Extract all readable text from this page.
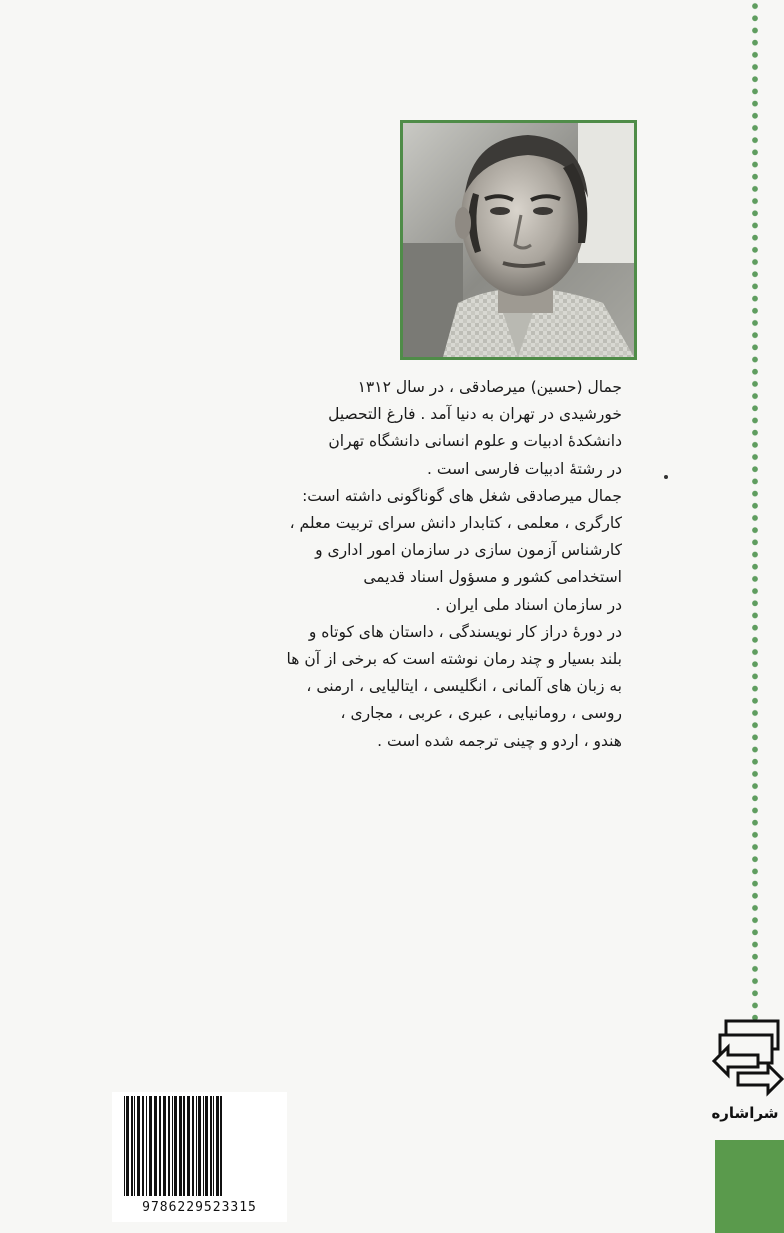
جمال (حسین) میرصادقی ، در سال ۱۳۱۲
خورشیدی در تهران به دنیا آمد . فارغ التحصیل
دانشکدهٔ ادبیات و علوم انسانی دانشگاه تهران
در رشتهٔ ادبیات فارسی است .
جمال میرصادقی شغل های گوناگونی داشته است:
کارگری ، معلمی ، کتابدار دانش سرای تربیت معلم ،
کارشناس آزمون سازی در سازمان امور اداری و
استخدامی کشور و مسؤول اسناد قدیمی
در سازمان اسناد ملی ایران .
در دورهٔ دراز کار نویسندگی ، داستان های کوتاه و
بلند بسیار و چند رمان نوشته است که برخی از آن ها
به زبان های آلمانی ، انگلیسی ، ایتالیایی ، ارمنی ،
روسی ، رومانیایی ، عبری ، عربی ، مجاری ،
هندو ، اردو و چینی ترجمه شده است .
9786229523315
شراشاره
